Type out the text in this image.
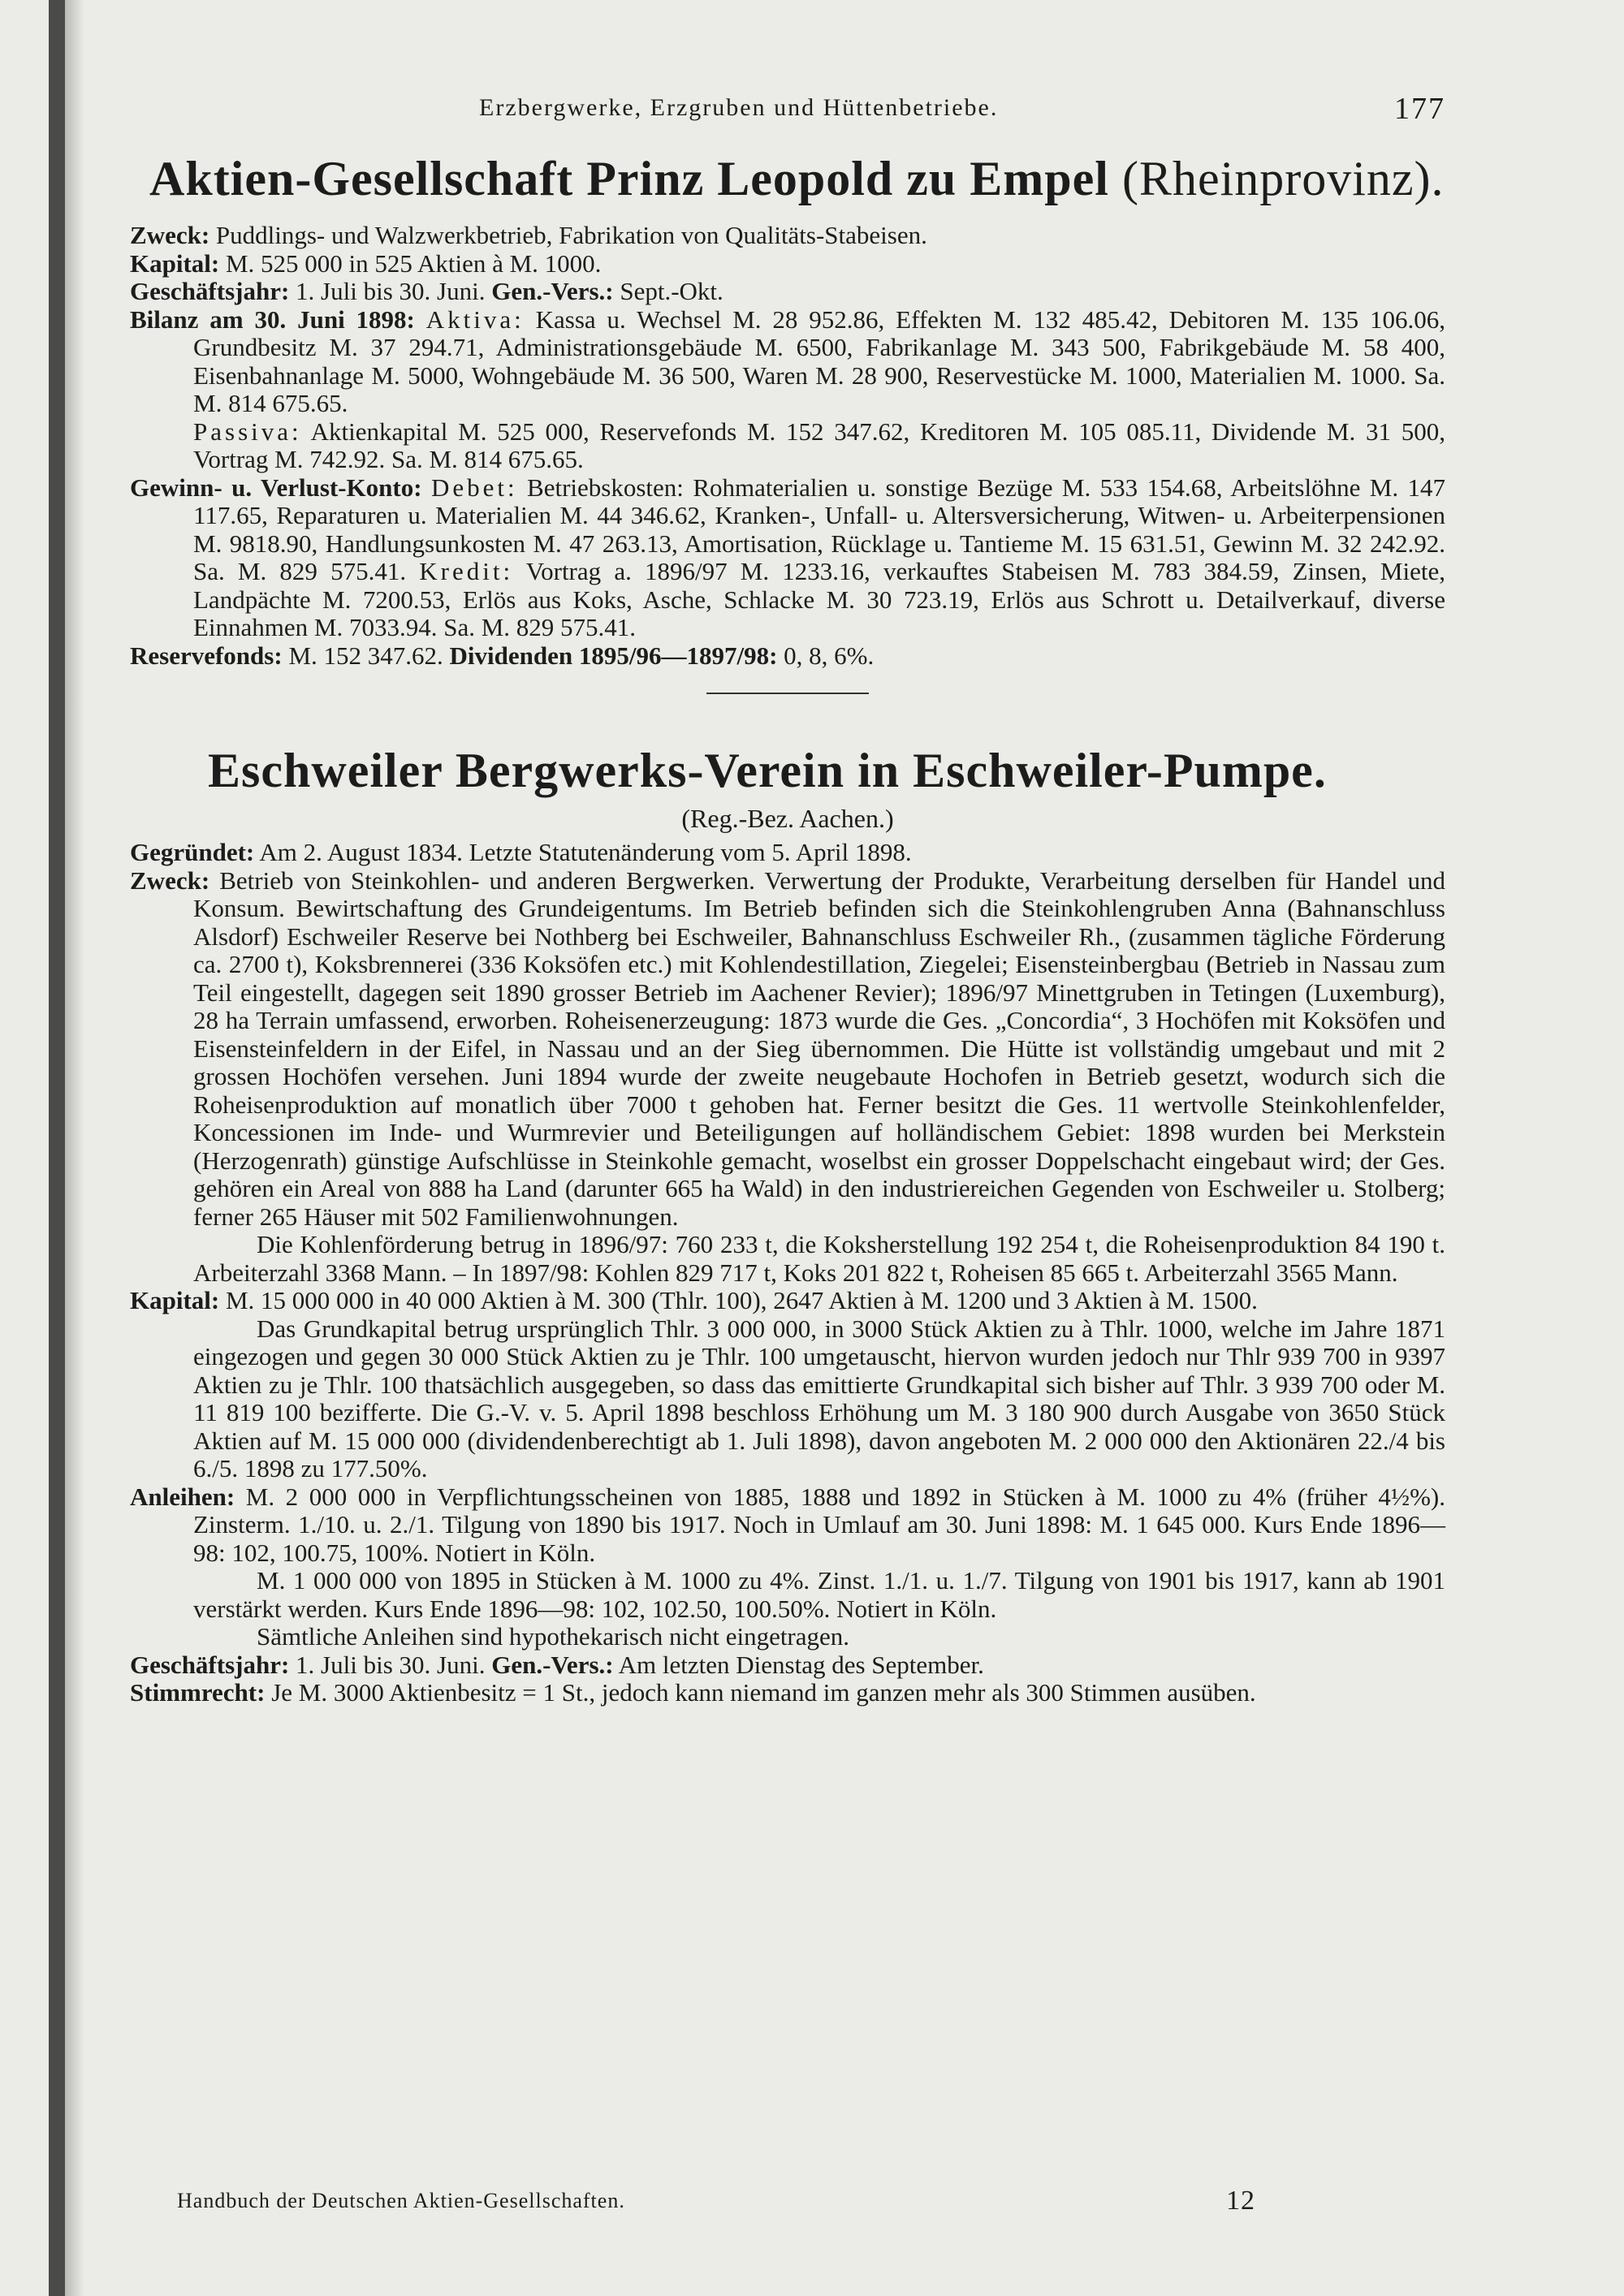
Erzbergwerke, Erzgruben und Hüttenbetriebe.	177
Aktien-Gesellschaft Prinz Leopold zu Empel (Rheinprovinz).

Zweck: Puddlings- und Walzwerkbetrieb, Fabrikation von Qualitäts-Stabeisen.

Kapital: M. 525 000 in 525 Aktien à M. 1000.

Geschäftsjahr: 1. Juli bis 30. Juni. Gen.-Vers.: Sept.-Okt.

Bilanz am 30. Juni 1898: Aktiva: Kassa u. Wechsel M. 28 952.86, Effekten M. 132 485.42, Debitoren M. 135 106.06, Grundbesitz M. 37 294.71, Administrationsgebäude M. 6500, Fabrikanlage M. 343 500, Fabrikgebäude M. 58 400, Eisenbahnanlage M. 5000, Wohngebäude M. 36 500, Waren M. 28 900, Reservestücke M. 1000, Materialien M. 1000. Sa. M. 814 675.65.

Passiva: Aktienkapital M. 525 000, Reservefonds M. 152 347.62, Kreditoren M. 105 085.11, Dividende M. 31 500, Vortrag M. 742.92. Sa. M. 814 675.65.

Gewinn- u. Verlust-Konto: Debet: Betriebskosten: Rohmaterialien u. sonstige Bezüge M. 533 154.68, Arbeitslöhne M. 147 117.65, Reparaturen u. Materialien M. 44 346.62, Kranken-, Unfall- u. Altersversicherung, Witwen- u. Arbeiterpensionen M. 9818.90, Handlungsunkosten M. 47 263.13, Amortisation, Rücklage u. Tantieme M. 15 631.51, Gewinn M. 32 242.92. Sa. M. 829 575.41. Kredit: Vortrag a. 1896/97 M. 1233.16, verkauftes Stabeisen M. 783 384.59, Zinsen, Miete, Landpächte M. 7200.53, Erlös aus Koks, Asche, Schlacke M. 30 723.19, Erlös aus Schrott u. Detailverkauf, diverse Einnahmen M. 7033.94. Sa. M. 829 575.41.

Reservefonds: M. 152 347.62. Dividenden 1895/96—1897/98: 0, 8, 6%.

Eschweiler Bergwerks-Verein in Eschweiler-Pumpe.
(Reg.-Bez. Aachen.)

Gegründet: Am 2. August 1834. Letzte Statutenänderung vom 5. April 1898.

Zweck: Betrieb von Steinkohlen- und anderen Bergwerken. Verwertung der Produkte, Verarbeitung derselben für Handel und Konsum. Bewirtschaftung des Grundeigentums. Im Betrieb befinden sich die Steinkohlengruben Anna (Bahnanschluss Alsdorf) Eschweiler Reserve bei Nothberg bei Eschweiler, Bahnanschluss Eschweiler Rh., (zusammen tägliche Förderung ca. 2700 t), Koksbrennerei (336 Koksöfen etc.) mit Kohlendestillation, Ziegelei; Eisensteinbergbau (Betrieb in Nassau zum Teil eingestellt, dagegen seit 1890 grosser Betrieb im Aachener Revier); 1896/97 Minettgruben in Tetingen (Luxemburg), 28 ha Terrain umfassend, erworben. Roheisenerzeugung: 1873 wurde die Ges. „Concordia“, 3 Hochöfen mit Koksöfen und Eisensteinfeldern in der Eifel, in Nassau und an der Sieg übernommen. Die Hütte ist vollständig umgebaut und mit 2 grossen Hochöfen versehen. Juni 1894 wurde der zweite neugebaute Hochofen in Betrieb gesetzt, wodurch sich die Roheisenproduktion auf monatlich über 7000 t gehoben hat. Ferner besitzt die Ges. 11 wertvolle Steinkohlenfelder, Koncessionen im Inde- und Wurmrevier und Beteiligungen auf holländischem Gebiet: 1898 wurden bei Merkstein (Herzogenrath) günstige Aufschlüsse in Steinkohle gemacht, woselbst ein grosser Doppelschacht eingebaut wird; der Ges. gehören ein Areal von 888 ha Land (darunter 665 ha Wald) in den industriereichen Gegenden von Eschweiler u. Stolberg; ferner 265 Häuser mit 502 Familienwohnungen.

Die Kohlenförderung betrug in 1896/97: 760 233 t, die Koksherstellung 192 254 t, die Roheisenproduktion 84 190 t. Arbeiterzahl 3368 Mann. – In 1897/98: Kohlen 829 717 t, Koks 201 822 t, Roheisen 85 665 t. Arbeiterzahl 3565 Mann.

Kapital: M. 15 000 000 in 40 000 Aktien à M. 300 (Thlr. 100), 2647 Aktien à M. 1200 und 3 Aktien à M. 1500.

Das Grundkapital betrug ursprünglich Thlr. 3 000 000, in 3000 Stück Aktien zu à Thlr. 1000, welche im Jahre 1871 eingezogen und gegen 30 000 Stück Aktien zu je Thlr. 100 umgetauscht, hiervon wurden jedoch nur Thlr 939 700 in 9397 Aktien zu je Thlr. 100 thatsächlich ausgegeben, so dass das emittierte Grundkapital sich bisher auf Thlr. 3 939 700 oder M. 11 819 100 bezifferte. Die G.-V. v. 5. April 1898 beschloss Erhöhung um M. 3 180 900 durch Ausgabe von 3650 Stück Aktien auf M. 15 000 000 (dividendenberechtigt ab 1. Juli 1898), davon angeboten M. 2 000 000 den Aktionären 22./4 bis 6./5. 1898 zu 177.50%.

Anleihen: M. 2 000 000 in Verpflichtungsscheinen von 1885, 1888 und 1892 in Stücken à M. 1000 zu 4% (früher 4½%). Zinsterm. 1./10. u. 2./1. Tilgung von 1890 bis 1917. Noch in Umlauf am 30. Juni 1898: M. 1 645 000. Kurs Ende 1896—98: 102, 100.75, 100%. Notiert in Köln.

M. 1 000 000 von 1895 in Stücken à M. 1000 zu 4%. Zinst. 1./1. u. 1./7. Tilgung von 1901 bis 1917, kann ab 1901 verstärkt werden. Kurs Ende 1896—98: 102, 102.50, 100.50%. Notiert in Köln.

Sämtliche Anleihen sind hypothekarisch nicht eingetragen.

Geschäftsjahr: 1. Juli bis 30. Juni. Gen.-Vers.: Am letzten Dienstag des September.

Stimmrecht: Je M. 3000 Aktienbesitz = 1 St., jedoch kann niemand im ganzen mehr als 300 Stimmen ausüben.

Handbuch der Deutschen Aktien-Gesellschaften.	12
